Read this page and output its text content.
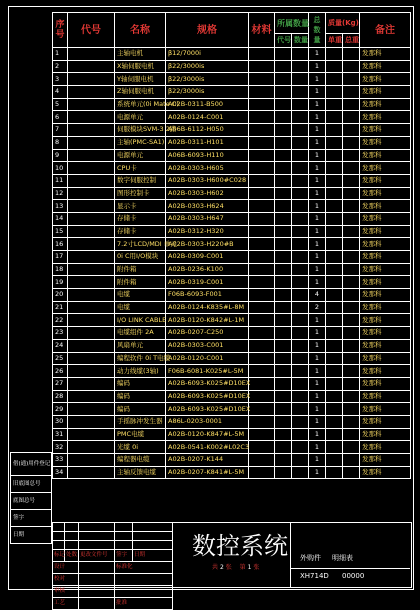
序号	代号	名称	规格	材料	所属数量		总数量	质量(Kg)		备注
					代号	数量		单重	总重	
1		主轴电机	β12/7000i				1			发那科
2		X轴伺服电机	β22/3000is				1			发那科
3		Y轴伺服电机	β22/3000is				1			发那科
4		Z轴伺服电机	β22/3000is				1			发那科
5		系统单元(0i Mate C)	A02B-0311-B500				1			发那科
6		电源单元	A02B-0124-C001				1			发那科
7		伺服模块SVM-3 2路	A06B-6112-H050				1			发那科
8		主轴(PMC-SA1)	A02B-0311-H101				1			发那科
9		电源单元	A06B-6093-H110				1			发那科
10		CPU卡	A02B-0303-H605				1			发那科
11		数字伺服控制	A02B-0303-H600#C028				1			发那科
12		图形控制卡	A02B-0303-H602				1			发那科
13		显示卡	A02B-0303-H624				1			发那科
14		存储卡	A02B-0303-H647				1			发那科
15		存储卡	A02B-0312-H320				1			发那科
16		7.2寸LCD/MDI 单元	A02B-0303-H220#B				1			发那科
17		0i C用I/O模块	A02B-0309-C001				1			发那科
18		附件箱	A02B-0236-K100				1			发那科
19		附件箱	A02B-0319-C001				1			发那科
20		电缆	F06B-6093-F001				4			发那科
21		电缆	A02B-0124-K835#L-8M				2			发那科
22		I/O LINK CABLE	A02B-0120-K842#L-1M				1			发那科
23		电缆组件 2A	A02B-0207-C250				1			发那科
24		风扇单元	A02B-0303-C001				1			发那科
25		编程软件 0i T电缆	A02B-0120-C001				1			发那科
26		动力线缆(3轴)	F06B-6081-K025#L-5M				1			发那科
27		编码	A02B-6093-K025#D10EX				1			发那科
28		编码	A02B-6093-K025#D10EX				1			发那科
29		编码	A02B-6093-K025#D10EX				1			发那科
30		手摇脉冲发生器	A86L-0203-0001				1			发那科
31		PMC电缆	A02B-0120-K847#L-5M				1			发那科
32		光缆 0i	A02B-0541-K002#L02C3				1			发那科
33		编程器电缆	A02B-0207-K144				1			发那科
34		主轴反馈电缆	A02B-0207-K841#L-5M				1			发那科
借(通)用件登记
旧底图总号
底图总号
签字
日期

标记	处数	更改文件号	签字	日期
设计			标准化	
校对				
审核				
工艺			批准	
数控系统
共 2 张 第 1 张
外购件 明细表
XH714D 00000
